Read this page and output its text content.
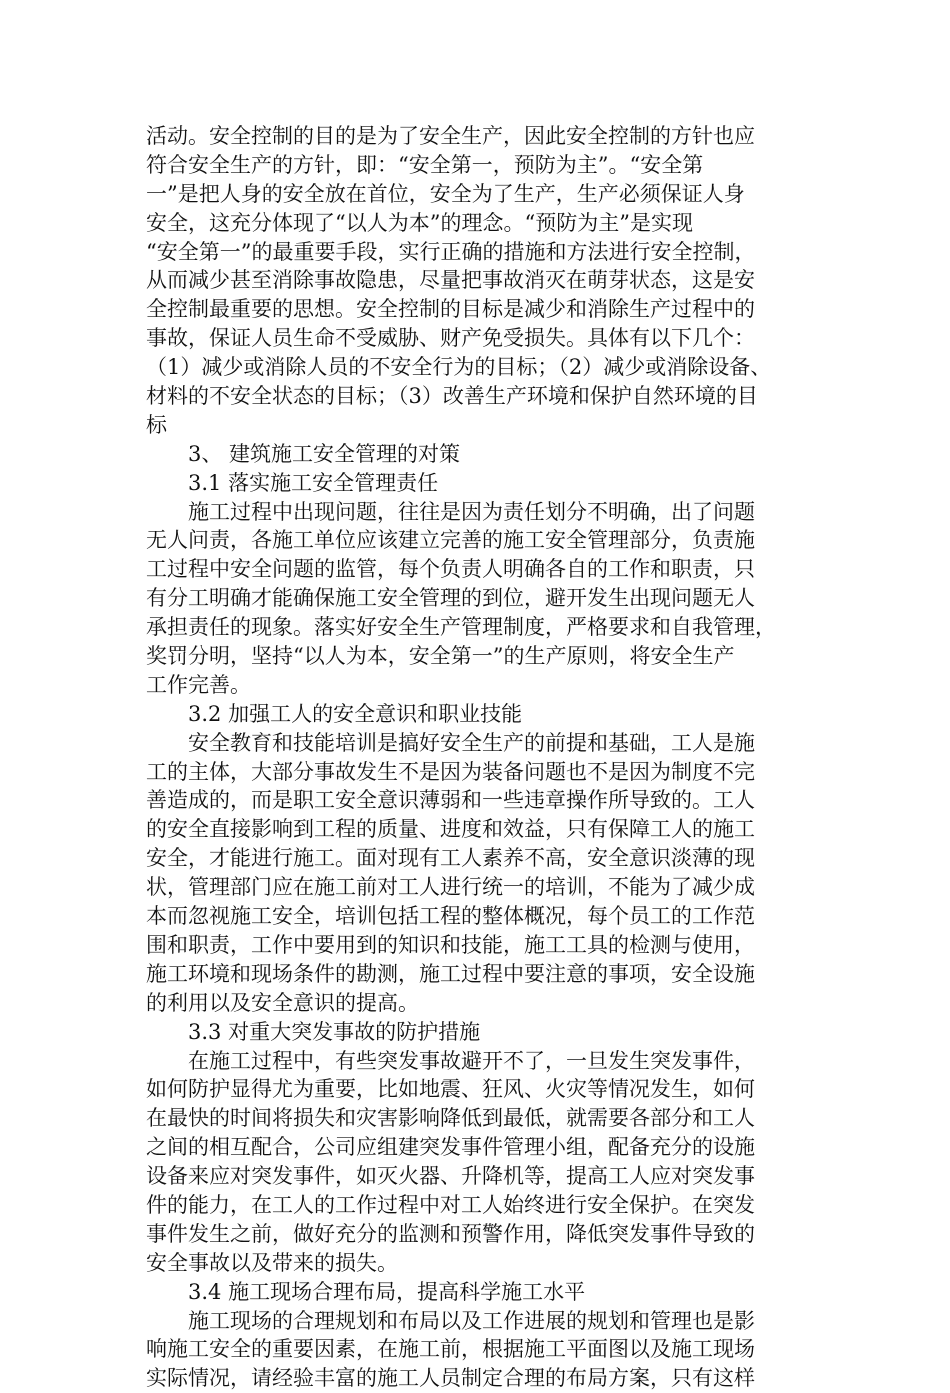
活动。安全控制的目的是为了安全生产，因此安全控制的方针也应
符合安全生产的方针，即：“安全第一，预防为主”。“安全第
一”是把人身的安全放在首位，安全为了生产，生产必须保证人身
安全，这充分体现了“以人为本”的理念。“预防为主”是实现
“安全第一”的最重要手段，实行正确的措施和方法进行安全控制，
从而减少甚至消除事故隐患，尽量把事故消灭在萌芽状态，这是安
全控制最重要的思想。安全控制的目标是减少和消除生产过程中的
事故，保证人员生命不受威胁、财产免受损失。具体有以下几个：
（1）减少或消除人员的不安全行为的目标；（2）减少或消除设备、
材料的不安全状态的目标；（3）改善生产环境和保护自然环境的目
标
3、 建筑施工安全管理的对策
3.1 落实施工安全管理责任
施工过程中出现问题，往往是因为责任划分不明确，出了问题
无人问责，各施工单位应该建立完善的施工安全管理部分，负责施
工过程中安全问题的监管，每个负责人明确各自的工作和职责，只
有分工明确才能确保施工安全管理的到位，避开发生出现问题无人
承担责任的现象。落实好安全生产管理制度，严格要求和自我管理，
奖罚分明，坚持“以人为本，安全第一”的生产原则，将安全生产
工作完善。
3.2 加强工人的安全意识和职业技能
安全教育和技能培训是搞好安全生产的前提和基础，工人是施
工的主体，大部分事故发生不是因为装备问题也不是因为制度不完
善造成的，而是职工安全意识薄弱和一些违章操作所导致的。工人
的安全直接影响到工程的质量、进度和效益，只有保障工人的施工
安全，才能进行施工。面对现有工人素养不高，安全意识淡薄的现
状，管理部门应在施工前对工人进行统一的培训，不能为了减少成
本而忽视施工安全，培训包括工程的整体概况，每个员工的工作范
围和职责，工作中要用到的知识和技能，施工工具的检测与使用，
施工环境和现场条件的勘测，施工过程中要注意的事项，安全设施
的利用以及安全意识的提高。
3.3 对重大突发事故的防护措施
在施工过程中，有些突发事故避开不了，一旦发生突发事件，
如何防护显得尤为重要，比如地震、狂风、火灾等情况发生，如何
在最快的时间将损失和灾害影响降低到最低，就需要各部分和工人
之间的相互配合，公司应组建突发事件管理小组，配备充分的设施
设备来应对突发事件，如灭火器、升降机等，提高工人应对突发事
件的能力，在工人的工作过程中对工人始终进行安全保护。在突发
事件发生之前，做好充分的监测和预警作用，降低突发事件导致的
安全事故以及带来的损失。
3.4 施工现场合理布局，提高科学施工水平
施工现场的合理规划和布局以及工作进展的规划和管理也是影
响施工安全的重要因素，在施工前，根据施工平面图以及施工现场
实际情况，请经验丰富的施工人员制定合理的布局方案，只有这样
